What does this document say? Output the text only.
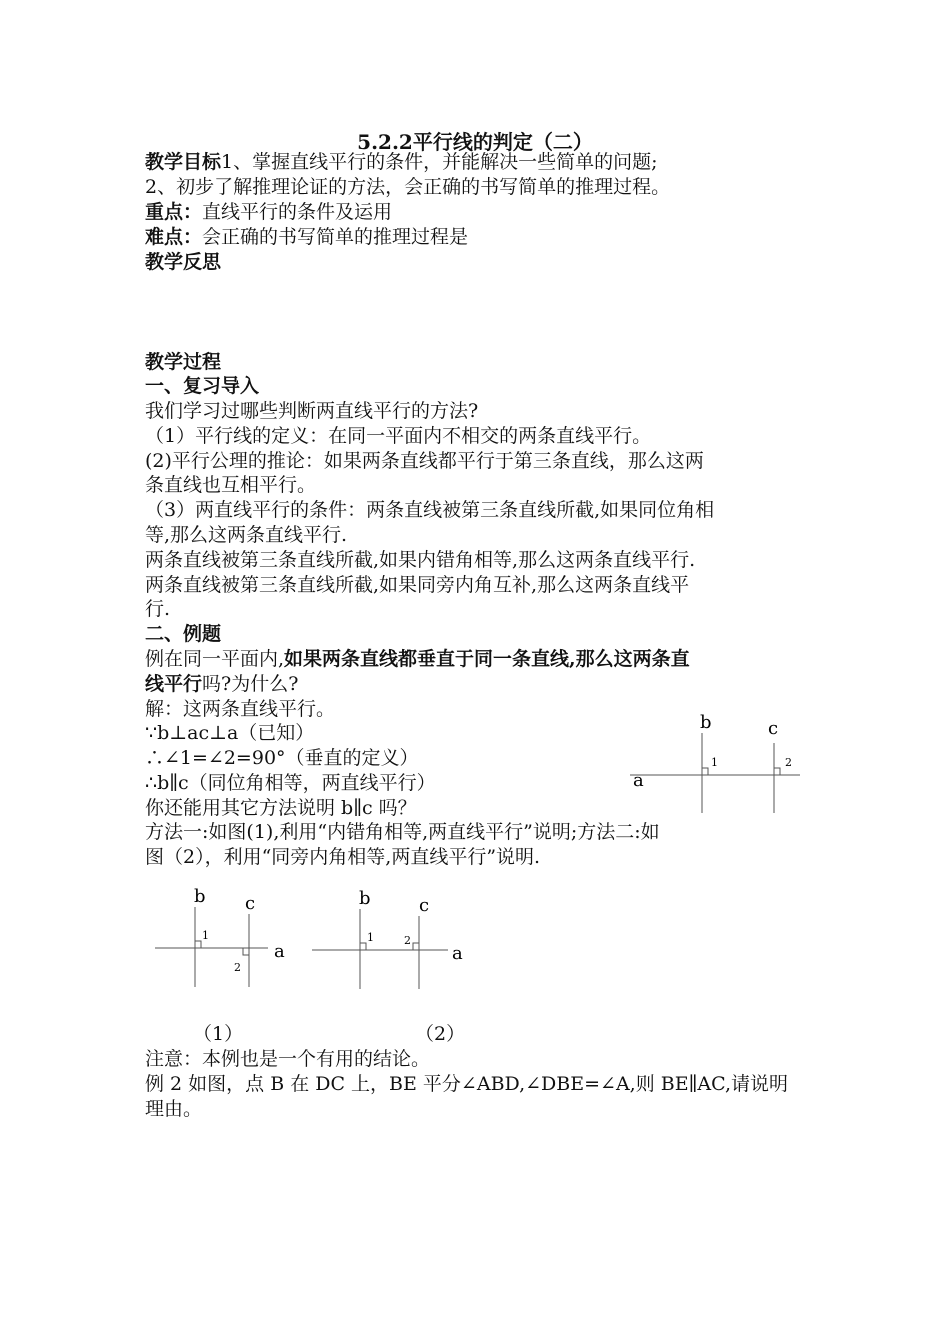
5.2.2平行线的判定（二）
教学目标1、掌握直线平行的条件，并能解决一些简单的问题;
2、初步了解推理论证的方法，会正确的书写简单的推理过程。
重点：直线平行的条件及运用
难点：会正确的书写简单的推理过程是
教学反思
教学过程
一、复习导入
我们学习过哪些判断两直线平行的方法?
（1）平行线的定义：在同一平面内不相交的两条直线平行。
(2)平行公理的推论：如果两条直线都平行于第三条直线，那么这两
条直线也互相平行。
（3）两直线平行的条件：两条直线被第三条直线所截,如果同位角相
等,那么这两条直线平行.
两条直线被第三条直线所截,如果内错角相等,那么这两条直线平行.
两条直线被第三条直线所截,如果同旁内角互补,那么这两条直线平
行.
二、例题
例在同一平面内,如果两条直线都垂直于同一条直线,那么这两条直
线平行吗?为什么?
解：这两条直线平行。
∵b⊥ac⊥a（已知）
∴∠1=∠2=90°（垂直的定义）
∴b∥c（同位角相等，两直线平行）
你还能用其它方法说明 b∥c 吗？
方法一:如图(1),利用“内错角相等,两直线平行”说明;方法二:如
图（2），利用“同旁内角相等,两直线平行”说明.
b	c
a
1	2
b c
a
1
2
b	c
a
1	2
（1）	（2）
注意：本例也是一个有用的结论。
例 2 如图，点 B 在 DC 上，BE 平分∠ABD,∠DBE=∠A,则 BE∥AC,请说明
理由。
